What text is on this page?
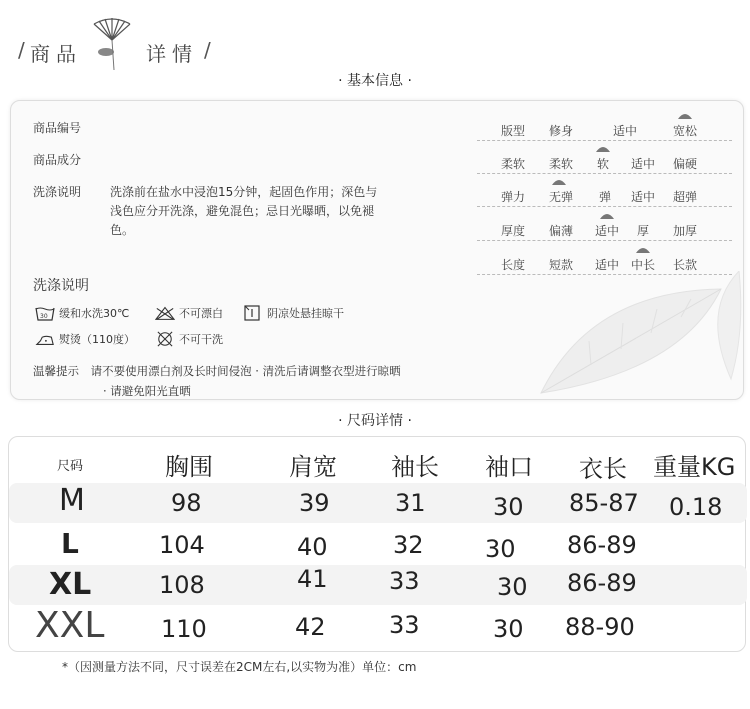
/ 商品	详情 /
· 基本信息 ·
商品编号
商品成分
洗涤说明 洗涤前在盐水中浸泡15分钟，起固色作用；深色与浅色应分开洗涤，避免混色；忌日光曝晒，以免褪色。
洗涤说明
30 缓和水洗30℃	不可漂白	阴凉处悬挂晾干
熨烫（110度）	不可干洗
温馨提示 请不要使用漂白剂及长时间侵泡 · 清洗后请调整衣型进行晾晒
· 请避免阳光直晒
版型 修身	适中	宽松
柔软 柔软 软 适中 偏硬
弹力 无弹 弹 适中 超弹
厚度 偏薄 适中 厚 加厚
长度 短款 适中 中长 长款
· 尺码详情 ·
尺码	胸围	肩宽 袖长 袖口 衣长 重量KG
M	98	39	31	30 85-87 0.18
L	104	40	32	30 86-89
XL	108	41	33	30 86-89
XXL 110	42	33	30 88-90
*（因测量方法不同，尺寸误差在2CM左右,以实物为准）单位：cm
